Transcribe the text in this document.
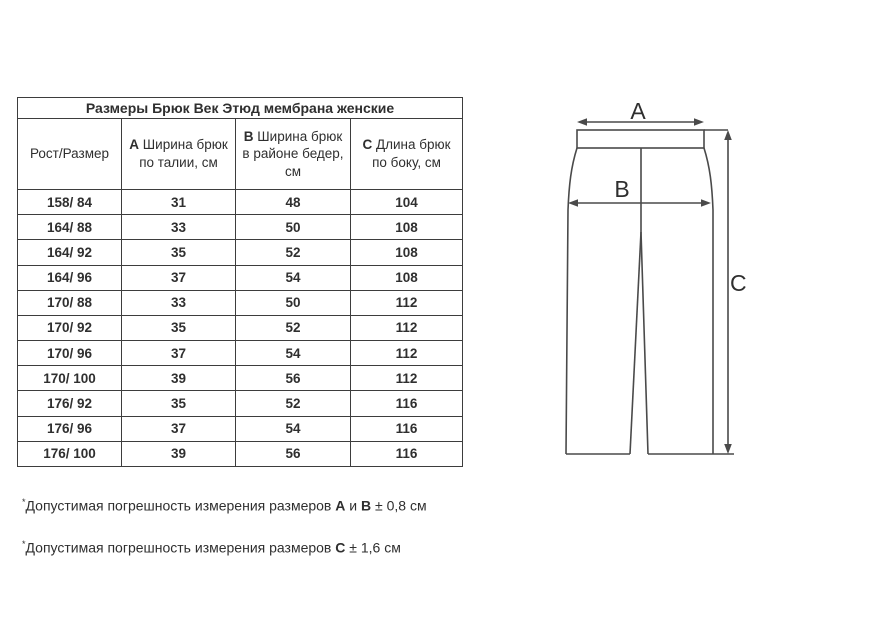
Размеры Брюк Век Этюд мембрана женские			
Рост/Размер	A Ширина брюк по талии, см	B Ширина брюк в районе бедер, см	C Длина брюк по боку, см
158/ 84	31	48	104
164/ 88	33	50	108
164/ 92	35	52	108
164/ 96	37	54	108
170/ 88	33	50	112
170/ 92	35	52	112
170/ 96	37	54	112
170/ 100	39	56	112
176/ 92	35	52	116
176/ 96	37	54	116
176/ 100	39	56	116
*Допустимая погрешность измерения размеров A и B ± 0,8 см
*Допустимая погрешность измерения размеров C ± 1,6 см
A
B
C
